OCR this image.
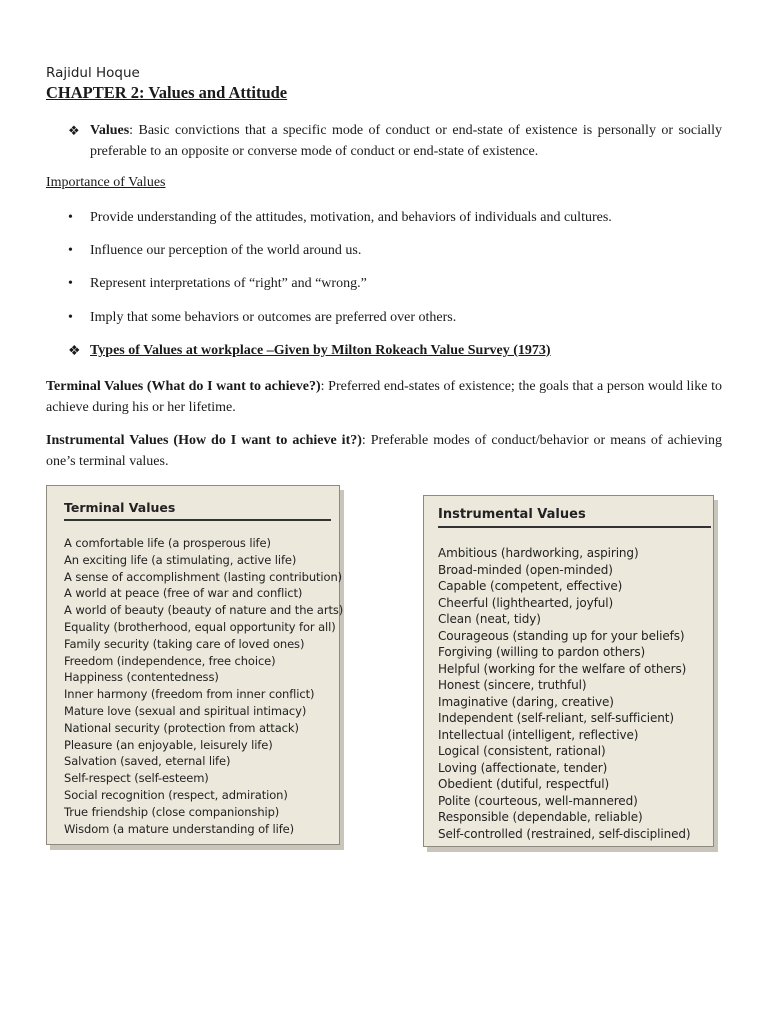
Rajidul Hoque
CHAPTER 2: Values and Attitude
❖ Values: Basic convictions that a specific mode of conduct or end-state of existence is personally or socially preferable to an opposite or converse mode of conduct or end-state of existence.
Importance of Values
• Provide understanding of the attitudes, motivation, and behaviors of individuals and cultures.
• Influence our perception of the world around us.
• Represent interpretations of “right” and “wrong.”
• Imply that some behaviors or outcomes are preferred over others.
❖ Types of Values at workplace –Given by Milton Rokeach Value Survey (1973)
Terminal Values (What do I want to achieve?): Preferred end-states of existence; the goals that a person would like to achieve during his or her lifetime.
Instrumental Values (How do I want to achieve it?): Preferable modes of conduct/behavior or means of achieving one’s terminal values.
Terminal Values
A comfortable life (a prosperous life)
An exciting life (a stimulating, active life)
A sense of accomplishment (lasting contribution)
A world at peace (free of war and conflict)
A world of beauty (beauty of nature and the arts)
Equality (brotherhood, equal opportunity for all)
Family security (taking care of loved ones)
Freedom (independence, free choice)
Happiness (contentedness)
Inner harmony (freedom from inner conflict)
Mature love (sexual and spiritual intimacy)
National security (protection from attack)
Pleasure (an enjoyable, leisurely life)
Salvation (saved, eternal life)
Self-respect (self-esteem)
Social recognition (respect, admiration)
True friendship (close companionship)
Wisdom (a mature understanding of life)
Instrumental Values
Ambitious (hardworking, aspiring)
Broad-minded (open-minded)
Capable (competent, effective)
Cheerful (lighthearted, joyful)
Clean (neat, tidy)
Courageous (standing up for your beliefs)
Forgiving (willing to pardon others)
Helpful (working for the welfare of others)
Honest (sincere, truthful)
Imaginative (daring, creative)
Independent (self-reliant, self-sufficient)
Intellectual (intelligent, reflective)
Logical (consistent, rational)
Loving (affectionate, tender)
Obedient (dutiful, respectful)
Polite (courteous, well-mannered)
Responsible (dependable, reliable)
Self-controlled (restrained, self-disciplined)
